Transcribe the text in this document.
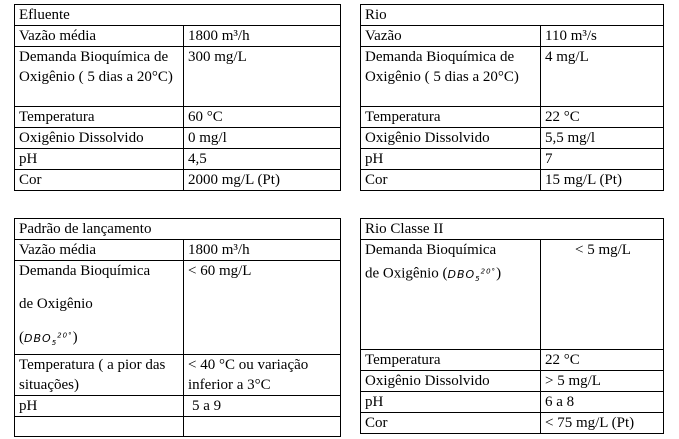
Efluente	
Vazão média	1800 m³/h
Demanda Bioquímica de Oxigênio ( 5 dias a 20°C)	300 mg/L
Temperatura	60 °C
Oxigênio Dissolvido	0 mg/l
pH	4,5
Cor	2000 mg/L (Pt)
Rio	
Vazão	110 m³/s
Demanda Bioquímica de Oxigênio ( 5 dias a 20°C)	4 mg/L
Temperatura	22 °C
Oxigênio Dissolvido	5,5 mg/l
pH	7
Cor	15 mg/L (Pt)
Padrão de lançamento	
Vazão média	1800 m³/h

Demanda Bioquímica
de Oxigênio
$(DBO_5^{20^\circ})$	< 60 mg/L
Temperatura ( a pior das situações)	< 40 °C ou variação inferior a 3°C
pH	5 a 9

Rio Classe II	

Demanda Bioquímica
de Oxigênio $(DBO_5^{20^\circ})$	< 5 mg/L
Temperatura	22 °C
Oxigênio Dissolvido	> 5 mg/L
pH	6 a 8
Cor	< 75 mg/L (Pt)
